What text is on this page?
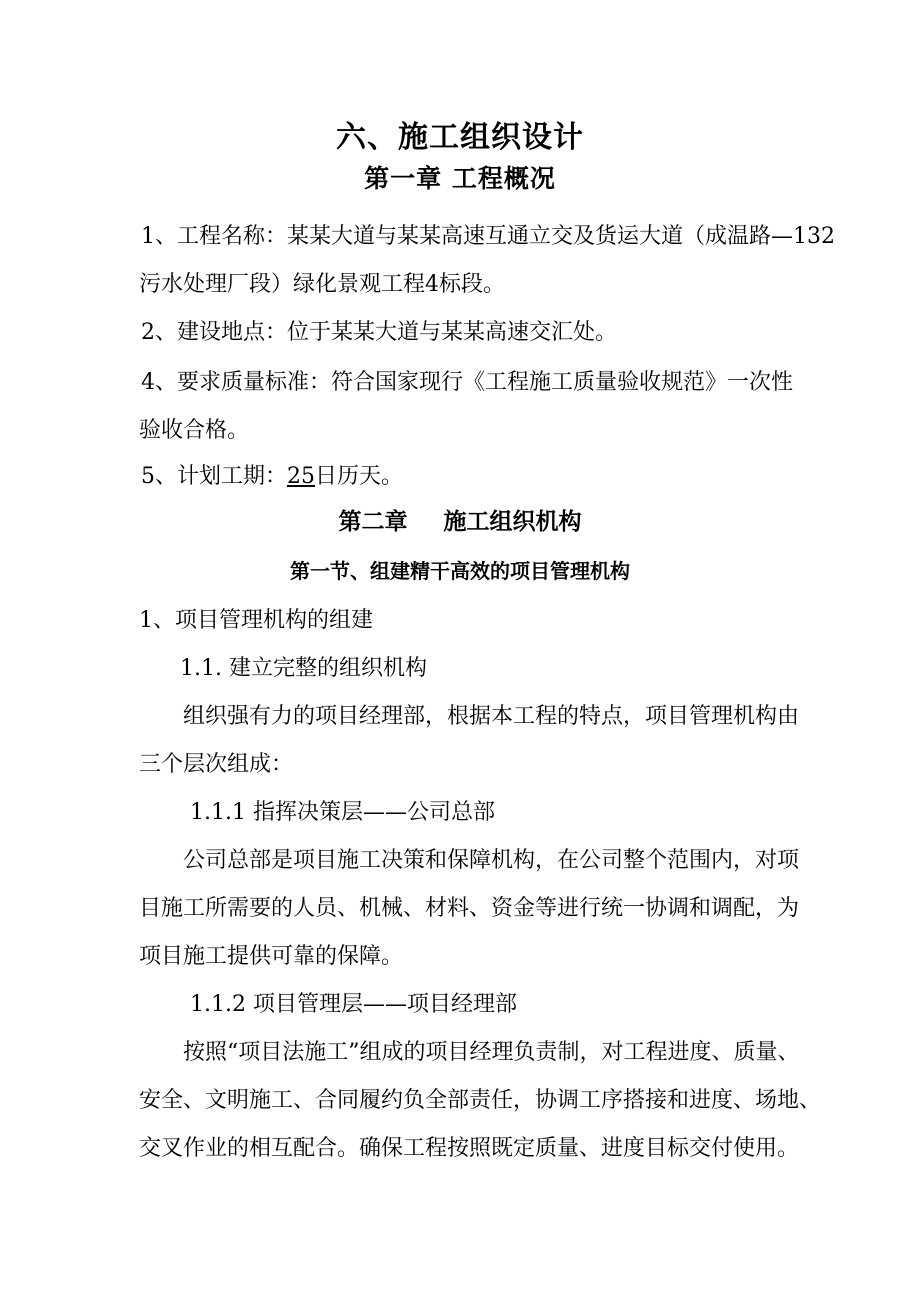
六、施工组织设计
第一章 工程概况
1、工程名称：某某大道与某某高速互通立交及货运大道（成温路—132
污水处理厂段）绿化景观工程4标段。
2、建设地点：位于某某大道与某某高速交汇处。
4、要求质量标准：符合国家现行《工程施工质量验收规范》一次性
验收合格。
5、计划工期：25日历天。
第二章 施工组织机构
第一节、组建精干高效的项目管理机构
1、项目管理机构的组建
1.1. 建立完整的组织机构
组织强有力的项目经理部，根据本工程的特点，项目管理机构由
三个层次组成：
1.1.1 指挥决策层——公司总部
公司总部是项目施工决策和保障机构，在公司整个范围内，对项
目施工所需要的人员、机械、材料、资金等进行统一协调和调配，为
项目施工提供可靠的保障。
1.1.2 项目管理层——项目经理部
按照“项目法施工”组成的项目经理负责制，对工程进度、质量、
安全、文明施工、合同履约负全部责任，协调工序搭接和进度、场地、
交叉作业的相互配合。确保工程按照既定质量、进度目标交付使用。
